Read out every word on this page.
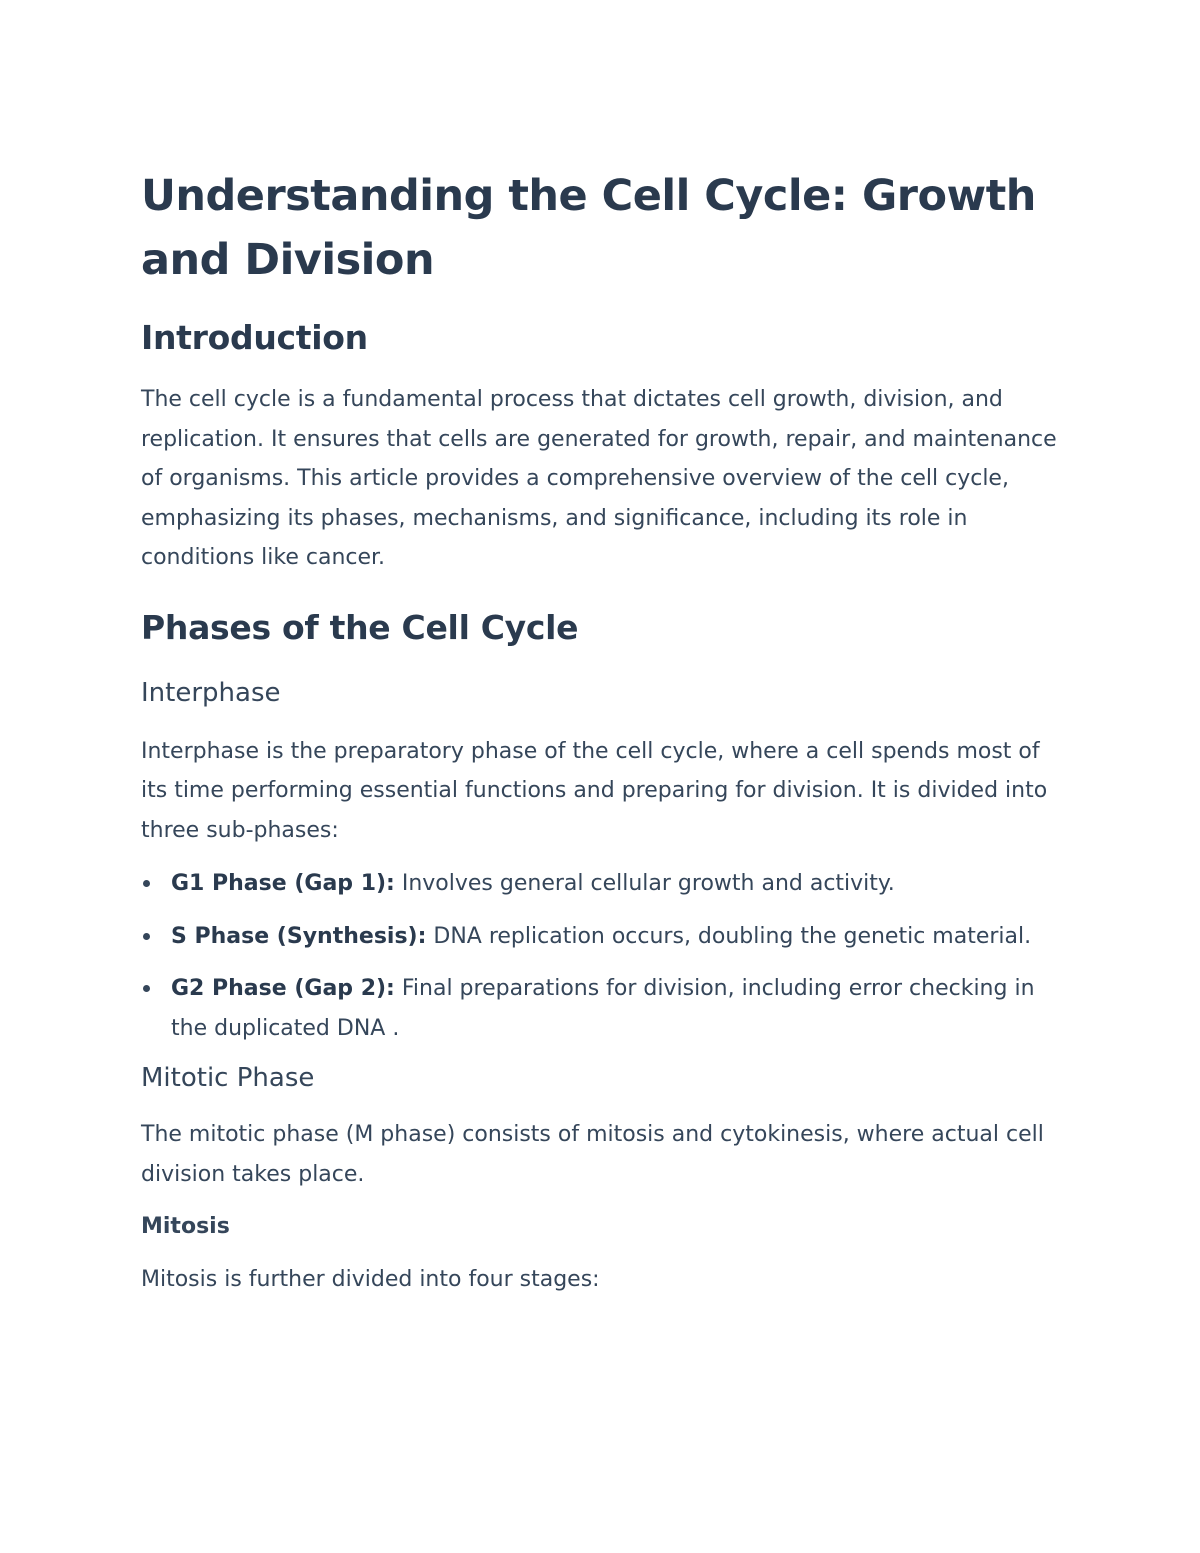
Understanding the Cell Cycle: Growth and Division
Introduction

The cell cycle is a fundamental process that dictates cell growth, division, and replication. It ensures that cells are generated for growth, repair, and maintenance of organisms. This article provides a comprehensive overview of the cell cycle, emphasizing its phases, mechanisms, and significance, including its role in conditions like cancer.

Phases of the Cell Cycle
Interphase

Interphase is the preparatory phase of the cell cycle, where a cell spends most of its time performing essential functions and preparing for division. It is divided into three sub-phases:

G1 Phase (Gap 1): Involves general cellular growth and activity.
S Phase (Synthesis): DNA replication occurs, doubling the genetic material.
G2 Phase (Gap 2): Final preparations for division, including error checking in the duplicated DNA .
Mitotic Phase

The mitotic phase (M phase) consists of mitosis and cytokinesis, where actual cell division takes place.

Mitosis

Mitosis is further divided into four stages:
